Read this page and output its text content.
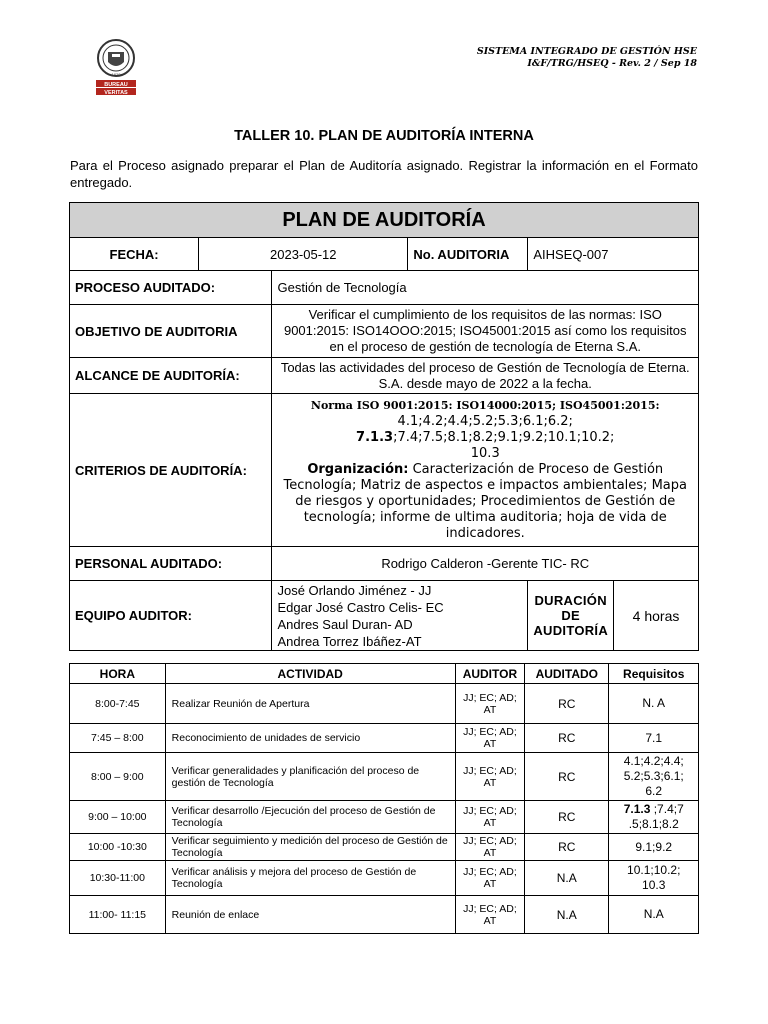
BUREAU
VERITAS
1828
SISTEMA INTEGRADO DE GESTIÓN HSE
I&F/TRG/HSEQ - Rev. 2 / Sep 18
TALLER 10. PLAN DE AUDITORÍA INTERNA
Para el Proceso asignado preparar el Plan de Auditoría asignado. Registrar la información en el Formato entregado.
PLAN DE AUDITORÍA					
FECHA:	2023-05-12		No. AUDITORIA	AIHSEQ-007	
PROCESO AUDITADO:		Gestión de Tecnología			
OBJETIVO DE AUDITORIA		Verificar el cumplimiento de los requisitos de las normas: ISO 9001:2015: ISO14OOO:2015; ISO45001:2015 así como los requisitos en el proceso de gestión de tecnología de Eterna S.A.			
ALCANCE DE AUDITORÍA:		Todas las actividades del proceso de Gestión de Tecnología de Eterna. S.A. desde mayo de 2022 a la fecha.			
CRITERIOS DE AUDITORÍA:		Norma ISO 9001:2015: ISO14000:2015; ISO45001:2015:
4.1;4.2;4.4;5.2;5.3;6.1;6.2;
7.1.3;7.4;7.5;8.1;8.2;9.1;9.2;10.1;10.2;
10.3
Organización: Caracterización de Proceso de Gestión Tecnología; Matriz de aspectos e impactos ambientales; Mapa de riesgos y oportunidades; Procedimientos de Gestión de tecnología; informe de ultima auditoria; hoja de vida de indicadores.			

PERSONAL AUDITADO:		Rodrigo Calderon -Gerente TIC- RC			
EQUIPO AUDITOR:		José Orlando Jiménez - JJ
Edgar José Castro Celis- EC
Andres Saul Duran- AD
Andrea Torrez Ibáñez-AT		DURACIÓN DE AUDITORÍA	4 horas
HORA	ACTIVIDAD	AUDITOR	AUDITADO	Requisitos
8:00-7:45	Realizar Reunión de Apertura	JJ; EC; AD; AT	RC	N. A
7:45 – 8:00	Reconocimiento de unidades de servicio	JJ; EC; AD; AT	RC	7.1
8:00 – 9:00	Verificar generalidades y planificación del proceso de gestión de Tecnología	JJ; EC; AD; AT	RC	4.1;4.2;4.4; 5.2;5.3;6.1; 6.2
9:00 – 10:00	Verificar desarrollo /Ejecución del proceso de Gestión de Tecnología	JJ; EC; AD; AT	RC	7.1.3 ;7.4;7 .5;8.1;8.2
10:00 -10:30	Verificar seguimiento y medición del proceso de Gestión de Tecnología	JJ; EC; AD; AT	RC	9.1;9.2
10:30-11:00	Verificar análisis y mejora del proceso de Gestión de Tecnología	JJ; EC; AD; AT	N.A	10.1;10.2; 10.3
11:00- 11:15	Reunión de enlace	JJ; EC; AD; AT	N.A	N.A
